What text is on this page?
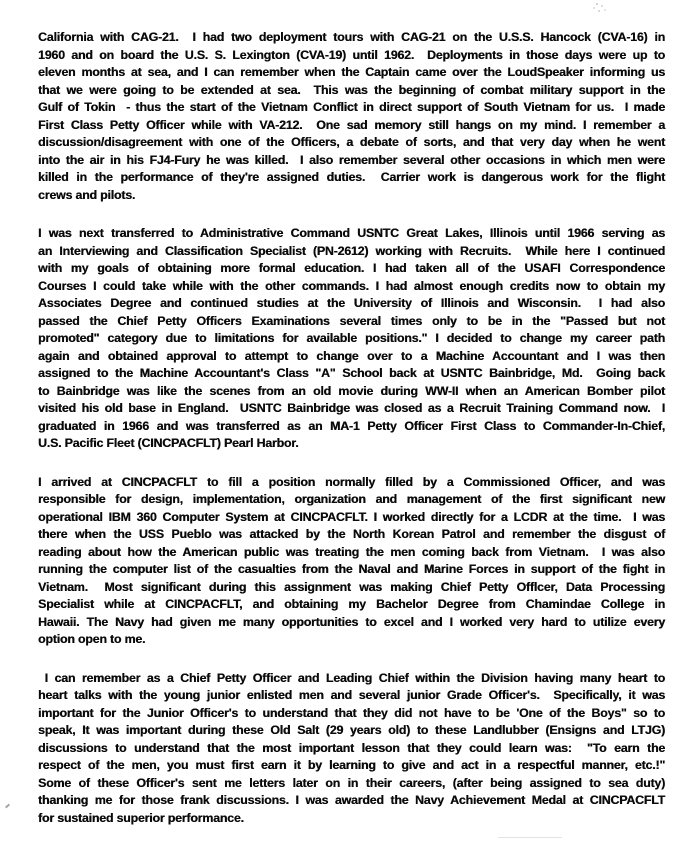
California with CAG-21.  I had two deployment tours with CAG-21 on the U.S.S. Hancock (CVA-16) in
1960 and on board the U.S. S. Lexington (CVA-19) until 1962.  Deployments in those days were up to
eleven months at sea, and I can remember when the Captain came over the LoudSpeaker informing us
that we were going to be extended at sea.  This was the beginning of combat military support in the
Gulf of Tokin  - thus the start of the Vietnam Conflict in direct support of South Vietnam for us.  I made
First Class Petty Officer while with VA-212.  One sad memory still hangs on my mind. I remember a
discussion/disagreement with one of the Officers, a debate of sorts, and that very day when he went
into the air in his FJ4-Fury he was killed.  I also remember several other occasions in which men were
killed in the performance of they're assigned duties.  Carrier work is dangerous work for the flight
crews and pilots.

I was next transferred to Administrative Command USNTC Great Lakes, Illinois until 1966 serving as
an Interviewing and Classification Specialist (PN-2612) working with Recruits.  While here I continued
with my goals of obtaining more formal education. I had taken all of the USAFI Correspondence
Courses I could take while with the other commands. I had almost enough credits now to obtain my
Associates Degree and continued studies at the University of Illinois and Wisconsin.  I had also
passed the Chief Petty Officers Examinations several times only to be in the "Passed but not
promoted" category due to limitations for available positions." I decided to change my career path
again and obtained approval to attempt to change over to a Machine Accountant and I was then
assigned to the Machine Accountant's Class "A" School back at USNTC Bainbridge, Md.  Going back
to Bainbridge was like the scenes from an old movie during WW-II when an American Bomber pilot
visited his old base in England.  USNTC Bainbridge was closed as a Recruit Training Command now.  I
graduated in 1966 and was transferred as an MA-1 Petty Officer First Class to Commander-In-Chief,
U.S. Pacific Fleet (CINCPACFLT) Pearl Harbor.

I arrived at CINCPACFLT to fill a position normally filled by a Commissioned Officer, and was
responsible for design, implementation, organization and management of the first significant new
operational IBM 360 Computer System at CINCPACFLT. I worked directly for a LCDR at the time.  I was
there when the USS Pueblo was attacked by the North Korean Patrol and remember the disgust of
reading about how the American public was treating the men coming back from Vietnam.  I was also
running the computer list of the casualties from the Naval and Marine Forces in support of the fight in
Vietnam.  Most significant during this assignment was making Chief Petty Offlcer, Data Processing
Specialist while at CINCPACFLT, and obtaining my Bachelor Degree from Chamindae College in
Hawaii. The Navy had given me many opportunities to excel and I worked very hard to utilize every
option open to me.

I can remember as a Chief Petty Officer and Leading Chief within the Division having many heart to
heart talks with the young junior enlisted men and several junior Grade Officer's.  Specifically, it was
important for the Junior Officer's to understand that they did not have to be 'One of the Boys" so to
speak, It was important during these Old Salt (29 years old) to these Landlubber (Ensigns and LTJG)
discussions to understand that the most important lesson that they could learn was:  "To earn the
respect of the men, you must first earn it by learning to give and act in a respectful manner, etc.!"
Some of these Officer's sent me letters later on in their careers, (after being assigned to sea duty)
thanking me for those frank discussions. I was awarded the Navy Achievement Medal at CINCPACFLT
for sustained superior performance.
